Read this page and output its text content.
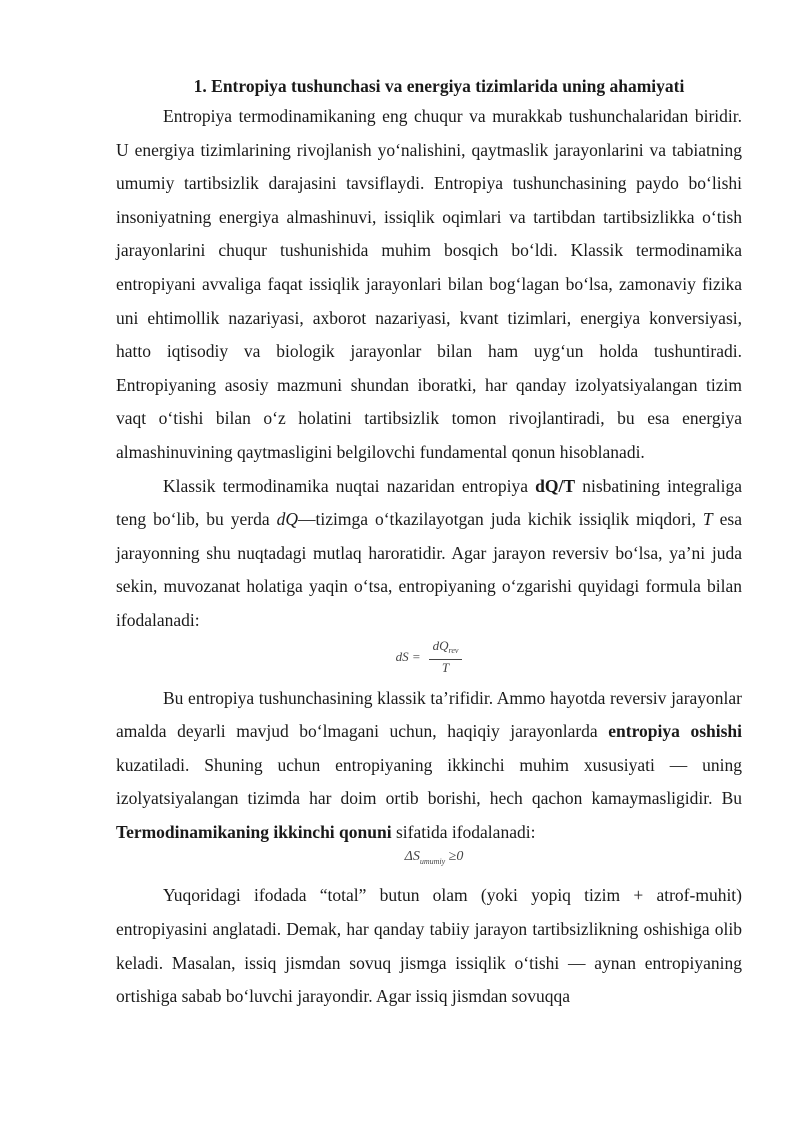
1. Entropiya tushunchasi va energiya tizimlarida uning ahamiyati

Entropiya termodinamikaning eng chuqur va murakkab tushunchalaridan biridir. U energiya tizimlarining rivojlanish yo‘nalishini, qaytmaslik jarayonlarini va tabiatning umumiy tartibsizlik darajasini tavsiflaydi. Entropiya tushunchasining paydo bo‘lishi insoniyatning energiya almashinuvi, issiqlik oqimlari va tartibdan tartibsizlikka o‘tish jarayonlarini chuqur tushunishida muhim bosqich bo‘ldi. Klassik termodinamika entropiyani avvaliga faqat issiqlik jarayonlari bilan bog‘lagan bo‘lsa, zamonaviy fizika uni ehtimollik nazariyasi, axborot nazariyasi, kvant tizimlari, energiya konversiyasi, hatto iqtisodiy va biologik jarayonlar bilan ham uyg‘un holda tushuntiradi. Entropiyaning asosiy mazmuni shundan iboratki, har qanday izolyatsiyalangan tizim vaqt o‘tishi bilan o‘z holatini tartibsizlik tomon rivojlantiradi, bu esa energiya almashinuvining qaytmasligini belgilovchi fundamental qonun hisoblanadi.

Klassik termodinamika nuqtai nazaridan entropiya dQ/T nisbatining integraliga teng bo‘lib, bu yerda dQ—tizimga o‘tkazilayotgan juda kichik issiqlik miqdori, T esa jarayonning shu nuqtadagi mutlaq haroratidir. Agar jarayon reversiv bo‘lsa, ya’ni juda sekin, muvozanat holatiga yaqin o‘tsa, entropiyaning o‘zgarishi quyidagi formula bilan ifodalanadi:

dS = $\frac{dQ_{rev}}{T}$

Bu entropiya tushunchasining klassik ta’rifidir. Ammo hayotda reversiv jarayonlar amalda deyarli mavjud bo‘lmagani uchun, haqiqiy jarayonlarda entropiya oshishi kuzatiladi. Shuning uchun entropiyaning ikkinchi muhim xususiyati — uning izolyatsiyalangan tizimda har doim ortib borishi, hech qachon kamaymasligidir. Bu Termodinamikaning ikkinchi qonuni sifatida ifodalanadi:

$\Delta S_{umumiy} \ge 0$

Yuqoridagi ifodada “total” butun olam (yoki yopiq tizim + atrof-muhit) entropiyasini anglatadi. Demak, har qanday tabiiy jarayon tartibsizlikning oshishiga olib keladi. Masalan, issiq jismdan sovuq jismga issiqlik o‘tishi — aynan entropiyaning ortishiga sabab bo‘luvchi jarayondir. Agar issiq jismdan sovuqqa
